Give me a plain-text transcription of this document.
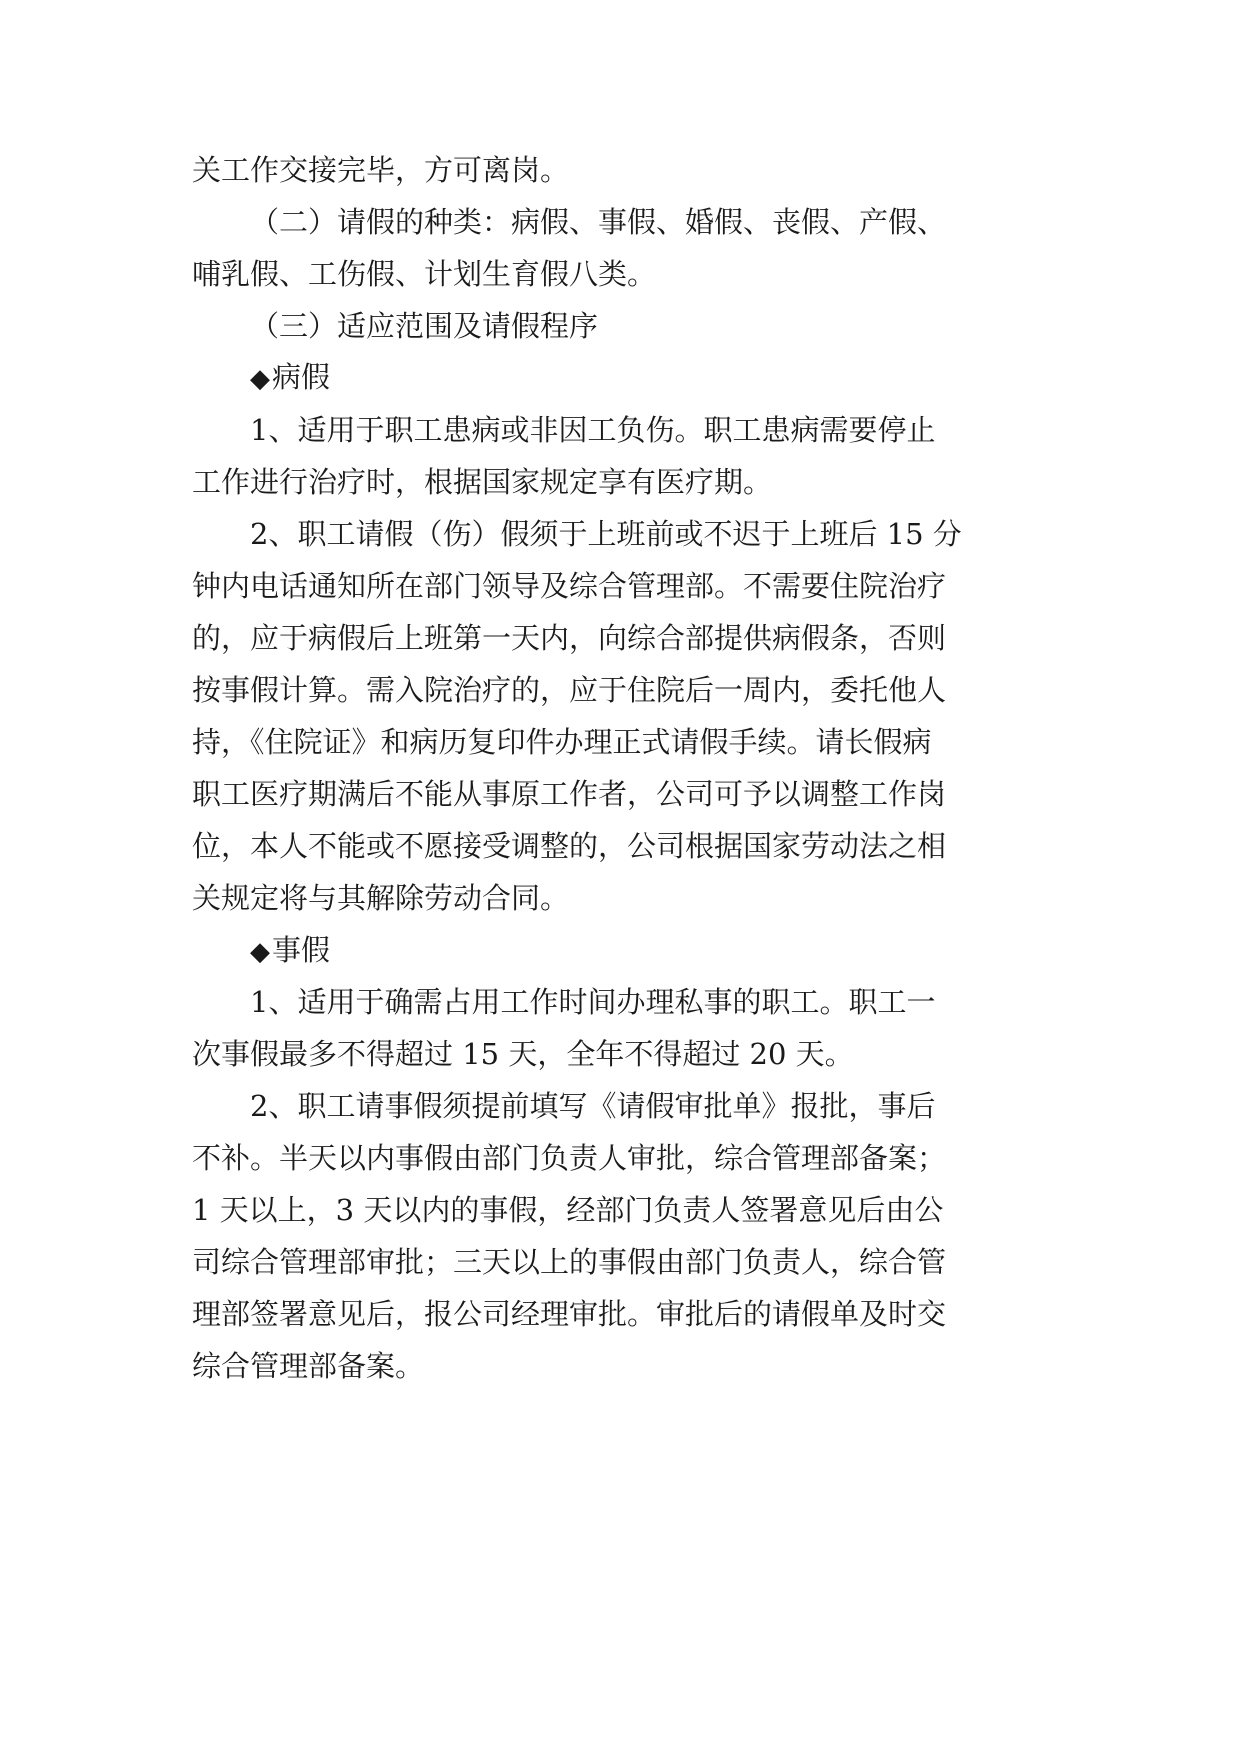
关工作交接完毕，方可离岗。
（二）请假的种类：病假、事假、婚假、丧假、产假、
哺乳假、工伤假、计划生育假八类。
（三）适应范围及请假程序
◆病假
1、适用于职工患病或非因工负伤。职工患病需要停止
工作进行治疗时，根据国家规定享有医疗期。
2、职工请假（伤）假须于上班前或不迟于上班后 15 分
钟内电话通知所在部门领导及综合管理部。不需要住院治疗
的，应于病假后上班第一天内，向综合部提供病假条，否则
按事假计算。需入院治疗的，应于住院后一周内，委托他人
持，《住院证》和病历复印件办理正式请假手续。请长假病
职工医疗期满后不能从事原工作者，公司可予以调整工作岗
位，本人不能或不愿接受调整的，公司根据国家劳动法之相
关规定将与其解除劳动合同。
◆事假
1、适用于确需占用工作时间办理私事的职工。职工一
次事假最多不得超过 15 天，全年不得超过 20 天。
2、职工请事假须提前填写《请假审批单》报批，事后
不补。半天以内事假由部门负责人审批，综合管理部备案；
1 天以上，3 天以内的事假，经部门负责人签署意见后由公
司综合管理部审批；三天以上的事假由部门负责人，综合管
理部签署意见后，报公司经理审批。审批后的请假单及时交
综合管理部备案。
